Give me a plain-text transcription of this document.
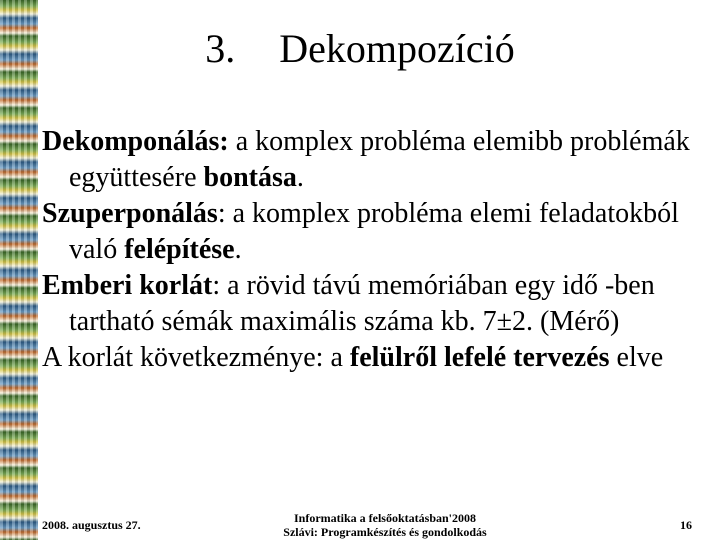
3. Dekompozíció

Dekomponálás: a komplex probléma elemibb problémák együttesére bontása.

Szuperponálás: a komplex probléma elemi feladatokból való felépítése.

Emberi korlát: a rövid távú memóriában egy idő -ben tartható sémák maximális száma kb. 7±2. (Mérő)

A korlát következménye: a felülről lefelé tervezés elve

2008. augusztus 27.	Informatika a felsőoktatásban'2008
Szlávi: Programkészítés és gondolkodás	16
